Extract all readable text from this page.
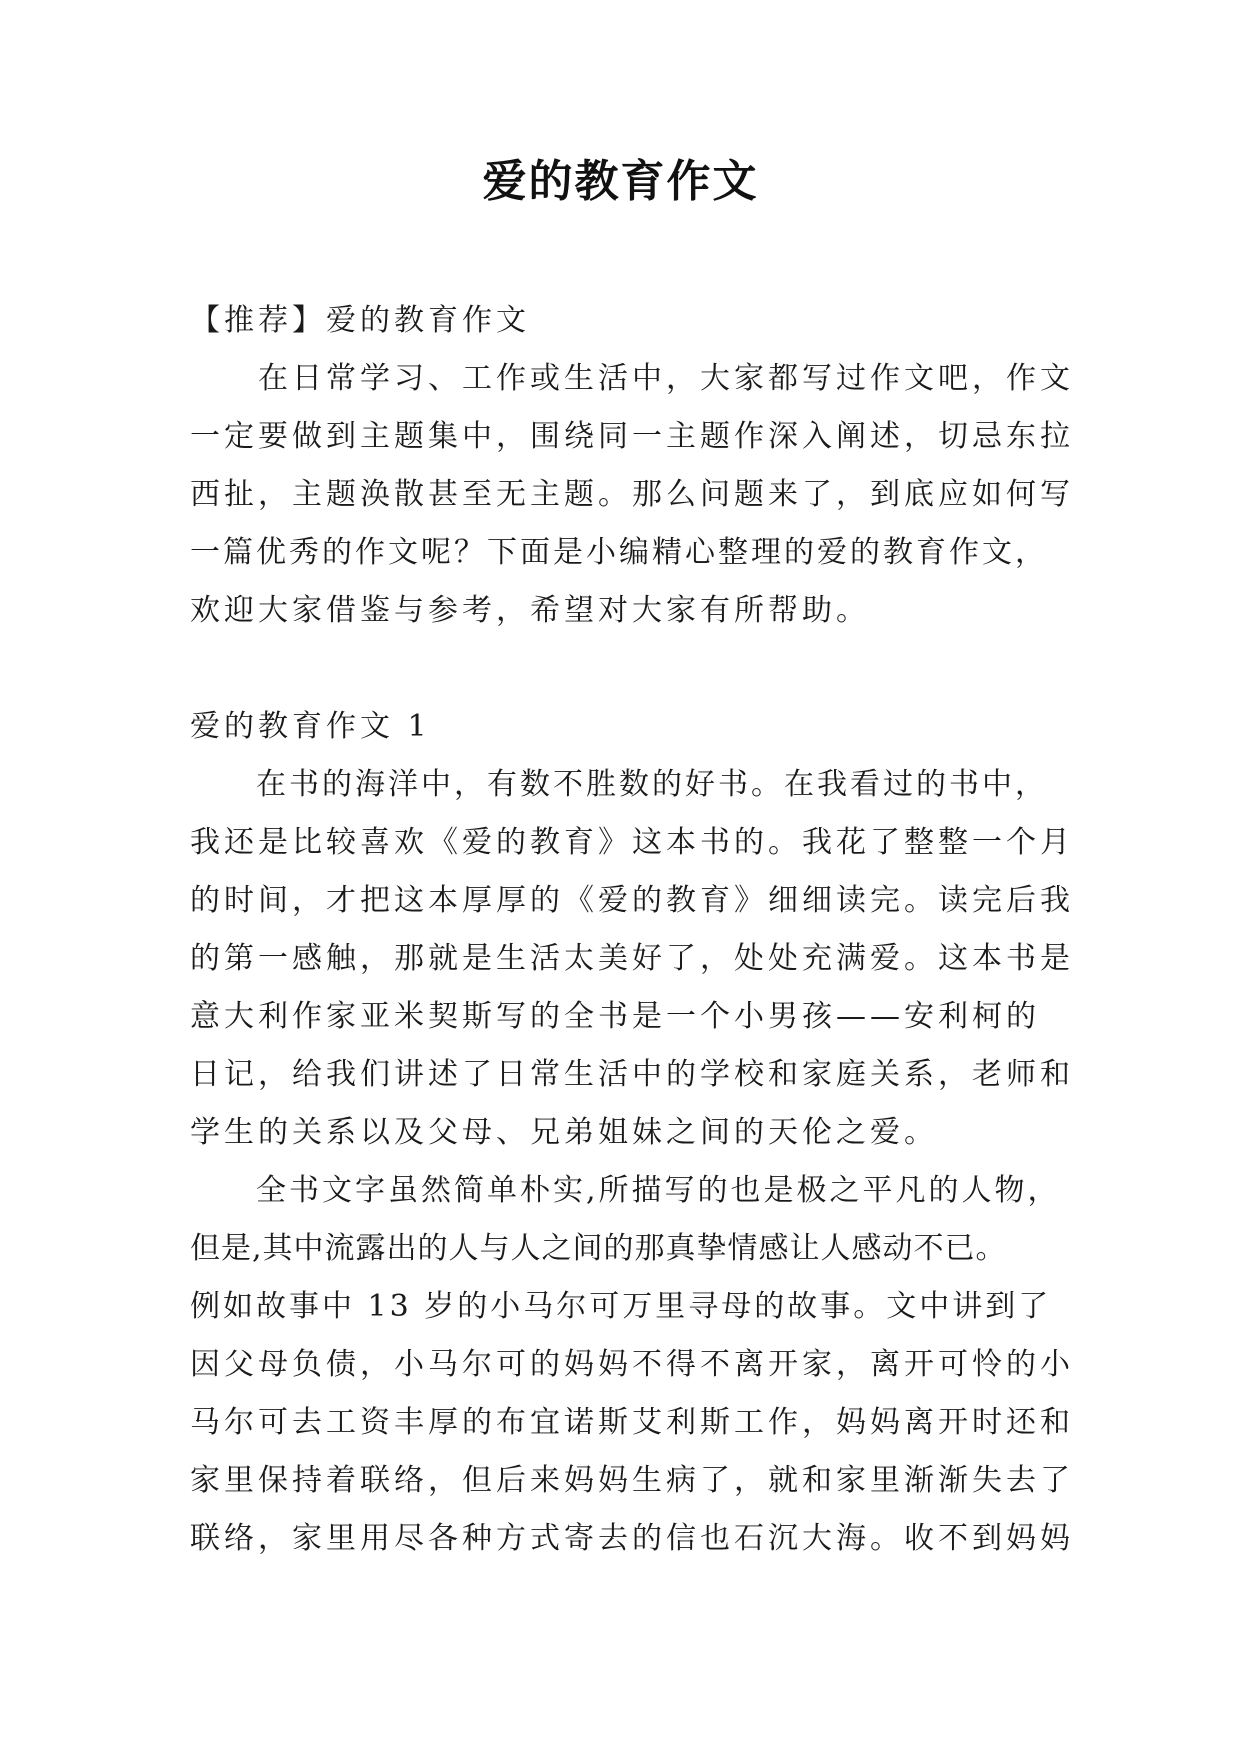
爱的教育作文
【推荐】爱的教育作文
　　在日常学习、工作或生活中，大家都写过作文吧，作文
一定要做到主题集中，围绕同一主题作深入阐述，切忌东拉
西扯，主题涣散甚至无主题。那么问题来了，到底应如何写
一篇优秀的作文呢？下面是小编精心整理的爱的教育作文，
欢迎大家借鉴与参考，希望对大家有所帮助。
爱的教育作文 1
　　在书的海洋中，有数不胜数的好书。在我看过的书中，
我还是比较喜欢《爱的教育》这本书的。我花了整整一个月
的时间，才把这本厚厚的《爱的教育》细细读完。读完后我
的第一感触，那就是生活太美好了，处处充满爱。这本书是
意大利作家亚米契斯写的全书是一个小男孩——安利柯的
日记，给我们讲述了日常生活中的学校和家庭关系，老师和
学生的关系以及父母、兄弟姐妹之间的天伦之爱。
　　全书文字虽然简单朴实,所描写的也是极之平凡的人物，
但是,其中流露出的人与人之间的那真挚情感让人感动不已。
例如故事中 13 岁的小马尔可万里寻母的故事。文中讲到了
因父母负债，小马尔可的妈妈不得不离开家，离开可怜的小
马尔可去工资丰厚的布宜诺斯艾利斯工作，妈妈离开时还和
家里保持着联络，但后来妈妈生病了，就和家里渐渐失去了
联络，家里用尽各种方式寄去的信也石沉大海。收不到妈妈
